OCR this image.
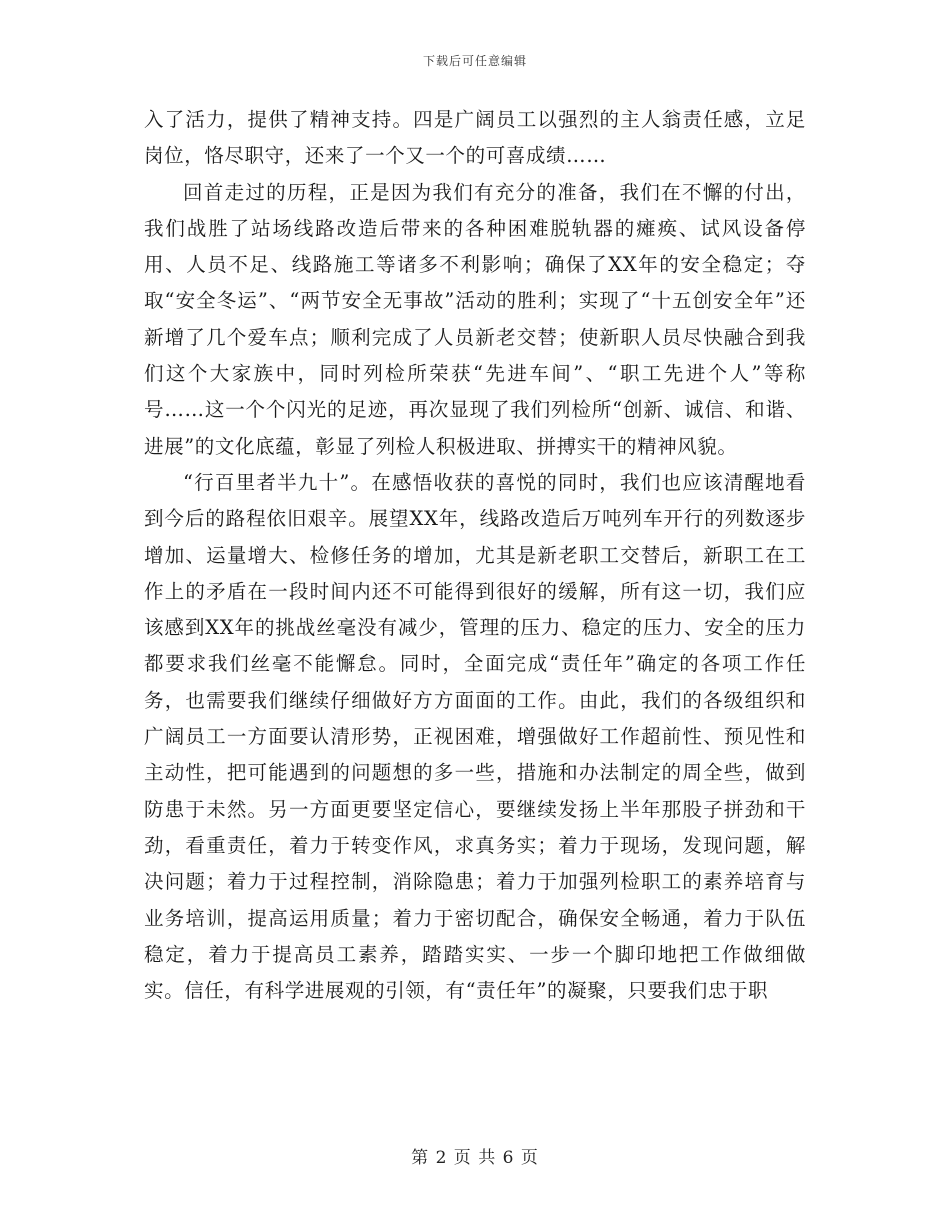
下载后可任意编辑

入了活力，提供了精神支持。四是广阔员工以强烈的主人翁责任感，立足岗位，恪尽职守，还来了一个又一个的可喜成绩……

回首走过的历程，正是因为我们有充分的准备，我们在不懈的付出，我们战胜了站场线路改造后带来的各种困难脱轨器的瘫痪、试风设备停用、人员不足、线路施工等诸多不利影响；确保了XX年的安全稳定；夺取“安全冬运”、“两节安全无事故”活动的胜利；实现了“十五创安全年”还新增了几个爱车点；顺利完成了人员新老交替；使新职人员尽快融合到我们这个大家族中，同时列检所荣获“先进车间”、“职工先进个人”等称号……这一个个闪光的足迹，再次显现了我们列检所“创新、诚信、和谐、进展”的文化底蕴，彰显了列检人积极进取、拼搏实干的精神风貌。

“行百里者半九十”。在感悟收获的喜悦的同时，我们也应该清醒地看到今后的路程依旧艰辛。展望XX年，线路改造后万吨列车开行的列数逐步增加、运量增大、检修任务的增加，尤其是新老职工交替后，新职工在工作上的矛盾在一段时间内还不可能得到很好的缓解，所有这一切，我们应该感到XX年的挑战丝毫没有减少，管理的压力、稳定的压力、安全的压力都要求我们丝毫不能懈怠。同时，全面完成“责任年”确定的各项工作任务，也需要我们继续仔细做好方方面面的工作。由此，我们的各级组织和广阔员工一方面要认清形势，正视困难，增强做好工作超前性、预见性和主动性，把可能遇到的问题想的多一些，措施和办法制定的周全些，做到防患于未然。另一方面更要坚定信心，要继续发扬上半年那股子拼劲和干劲，看重责任，着力于转变作风，求真务实；着力于现场，发现问题，解决问题；着力于过程控制，消除隐患；着力于加强列检职工的素养培育与业务培训，提高运用质量；着力于密切配合，确保安全畅通，着力于队伍稳定，着力于提高员工素养，踏踏实实、一步一个脚印地把工作做细做实。信任，有科学进展观的引领，有“责任年”的凝聚，只要我们忠于职

第 2 页 共 6 页
